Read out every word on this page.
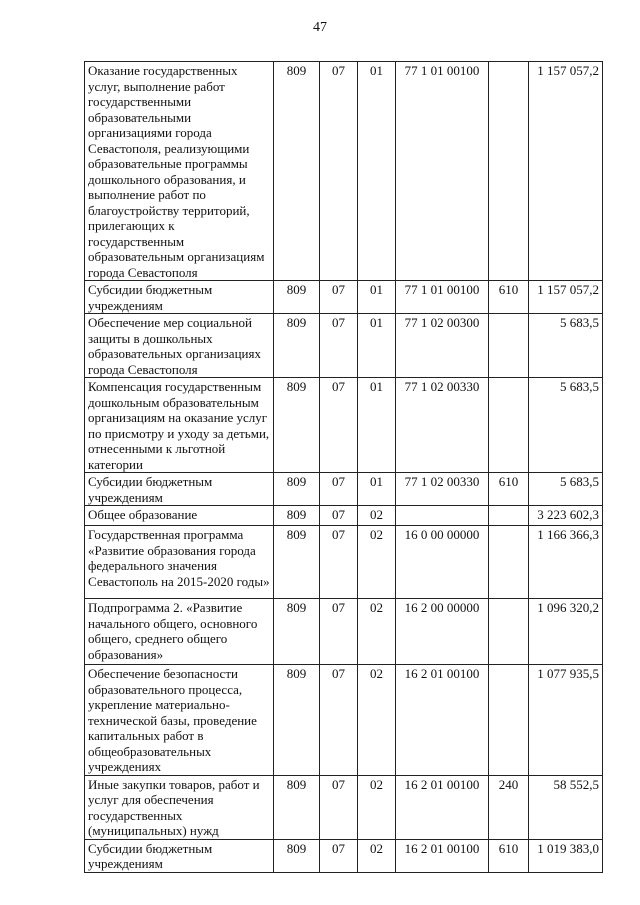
47
Оказание государственных услуг, выполнение работ государственными образовательными организациями города Севастополя, реализующими образовательные программы дошкольного образования, и выполнение работ по благоустройству территорий, прилегающих к государственным образовательным организациям города Севастополя	809	07	01	77 1 01 00100		1 157 057,2
Субсидии бюджетным учреждениям	809	07	01	77 1 01 00100	610	1 157 057,2
Обеспечение мер социальной защиты в дошкольных образовательных организациях города Севастополя	809	07	01	77 1 02 00300		5 683,5
Компенсация государственным дошкольным образовательным организациям на оказание услуг по присмотру и уходу за детьми, отнесенными к льготной категории	809	07	01	77 1 02 00330		5 683,5
Субсидии бюджетным учреждениям	809	07	01	77 1 02 00330	610	5 683,5
Общее образование	809	07	02			3 223 602,3
Государственная программа «Развитие образования города федерального значения Севастополь на 2015-2020 годы»	809	07	02	16 0 00 00000		1 166 366,3
Подпрограмма 2. «Развитие начального общего, основного общего, среднего общего образования»	809	07	02	16 2 00 00000		1 096 320,2
Обеспечение безопасности образовательного процесса, укрепление материально-технической базы, проведение капитальных работ в общеобразовательных учреждениях	809	07	02	16 2 01 00100		1 077 935,5
Иные закупки товаров, работ и услуг для обеспечения государственных (муниципальных) нужд	809	07	02	16 2 01 00100	240	58 552,5
Субсидии бюджетным учреждениям	809	07	02	16 2 01 00100	610	1 019 383,0
